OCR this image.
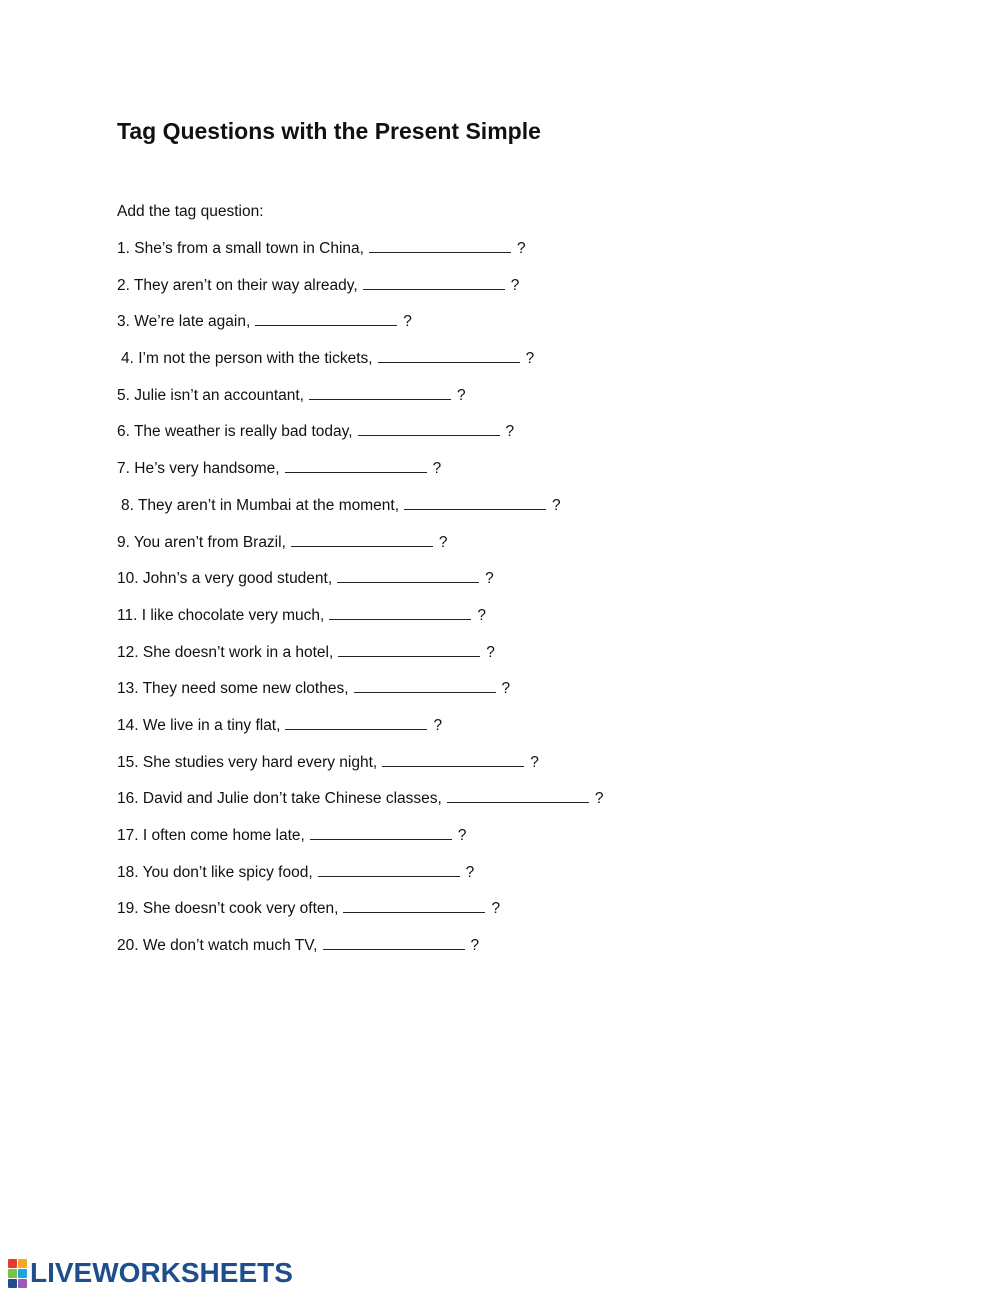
Tag Questions with the Present Simple
Add the tag question:
1. She’s from a small town in China,	?
2. They aren’t on their way already,	?
3. We’re late again,	?
4. I’m not the person with the tickets,	?
5. Julie isn’t an accountant,	?
6. The weather is really bad today,	?
7. He’s very handsome,	?
8. They aren’t in Mumbai at the moment,	?
9. You aren’t from Brazil,	?
10. John’s a very good student,	?
11. I like chocolate very much,	?
12. She doesn’t work in a hotel,	?
13. They need some new clothes,	?
14. We live in a tiny flat,	?
15. She studies very hard every night,	?
16. David and Julie don’t take Chinese classes,	?
17. I often come home late,	?
18. You don’t like spicy food,	?
19. She doesn’t cook very often,	?
20. We don’t watch much TV,	?
LIVEWORKSHEETS
